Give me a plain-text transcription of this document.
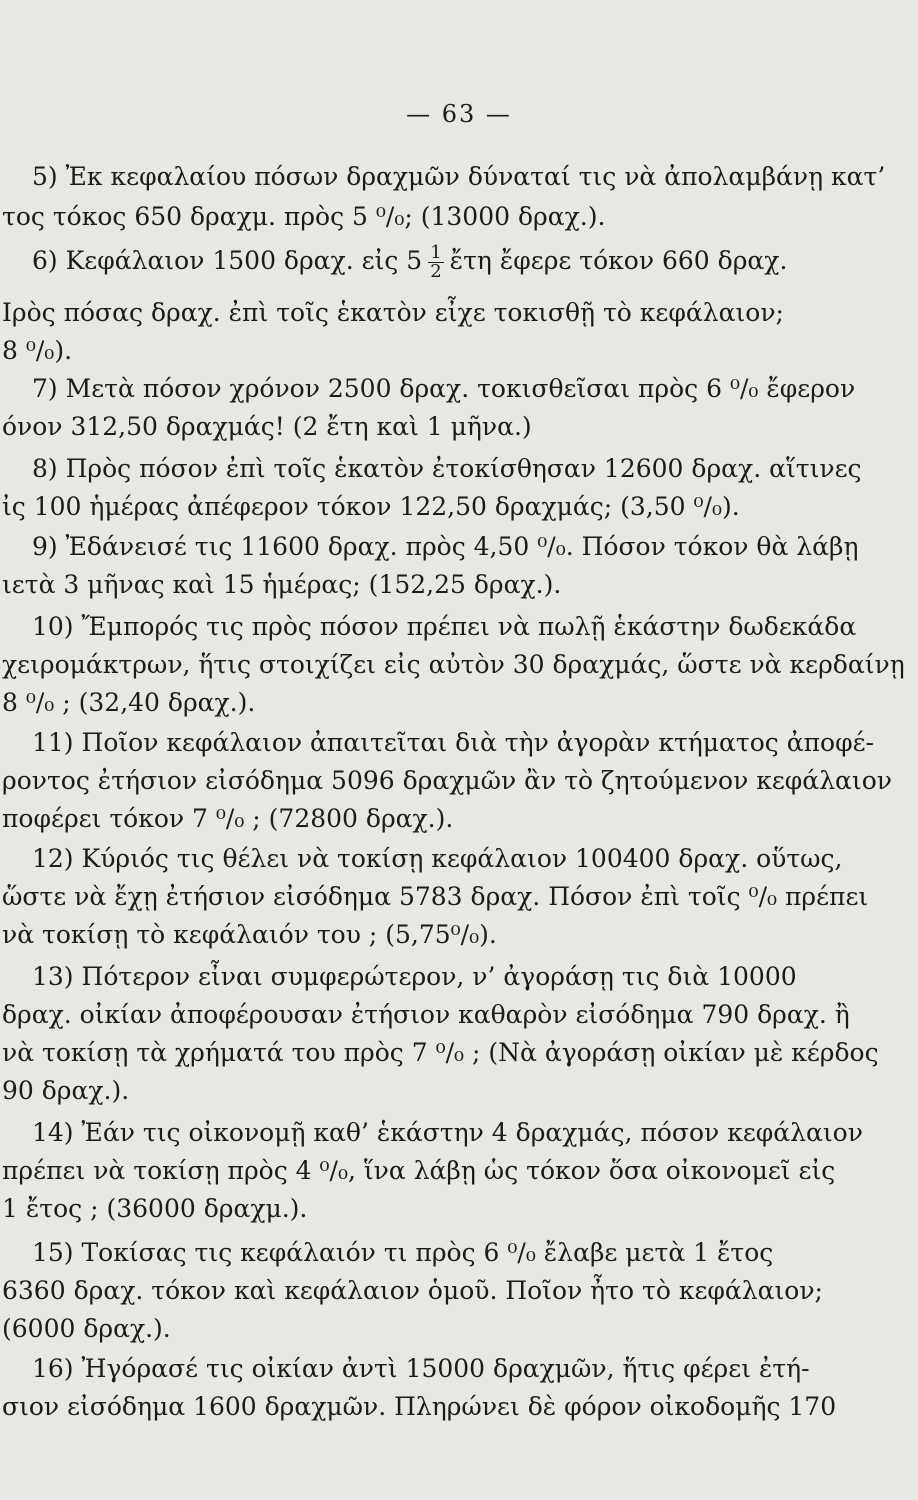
— 63 —
5) Ἐκ κεφαλαίου πόσων δραχμῶν δύναταί τις νὰ ἀπολαμβάνῃ κατ’
τος τόκος 650 δραχμ. πρὸς 5 ⁰/₀; (13000 δραχ.).
6) Κεφάλαιον 1500 δραχ. εἰς $5 \frac{1}{2}$ ἔτη ἔφερε τόκον 660 δραχ.
Ιρὸς πόσας δραχ. ἐπὶ τοῖς ἑκατὸν εἶχε τοκισθῇ τὸ κεφάλαιον;
8 ⁰/₀).
7) Μετὰ πόσον χρόνον 2500 δραχ. τοκισθεῖσαι πρὸς 6 ⁰/₀ ἔφερον
όνον 312,50 δραχμάς! (2 ἔτη καὶ 1 μῆνα.)
8) Πρὸς πόσον ἐπὶ τοῖς ἑκατὸν ἐτοκίσθησαν 12600 δραχ. αἵτινες
ἰς 100 ἡμέρας ἀπέφερον τόκον 122,50 δραχμάς; (3,50 ⁰/₀).
9) Ἐδάνεισέ τις 11600 δραχ. πρὸς 4,50 ⁰/₀. Πόσον τόκον θὰ λάβῃ
ιετὰ 3 μῆνας καὶ 15 ἡμέρας; (152,25 δραχ.).
10) Ἔμπορός τις πρὸς πόσον πρέπει νὰ πωλῇ ἑκάστην δωδεκάδα
χειρομάκτρων, ἥτις στοιχίζει εἰς αὐτὸν 30 δραχμάς, ὥστε νὰ κερδαίνῃ
8 ⁰/₀ ; (32,40 δραχ.).
11) Ποῖον κεφάλαιον ἀπαιτεῖται διὰ τὴν ἀγορὰν κτήματος ἀποφέ-
ροντος ἐτήσιον εἰσόδημα 5096 δραχμῶν ἂν τὸ ζητούμενον κεφάλαιον
ποφέρει τόκον 7 ⁰/₀ ; (72800 δραχ.).
12) Κύριός τις θέλει νὰ τοκίσῃ κεφάλαιον 100400 δραχ. οὕτως,
ὥστε νὰ ἔχῃ ἐτήσιον εἰσόδημα 5783 δραχ. Πόσον ἐπὶ τοῖς ⁰/₀ πρέπει
νὰ τοκίσῃ τὸ κεφάλαιόν του ; (5,75⁰/₀).
13) Πότερον εἶναι συμφερώτερον, ν’ ἀγοράσῃ τις διὰ 10000
δραχ. οἰκίαν ἀποφέρουσαν ἐτήσιον καθαρὸν εἰσόδημα 790 δραχ. ἢ
νὰ τοκίσῃ τὰ χρήματά του πρὸς 7 ⁰/₀ ; (Νὰ ἀγοράσῃ οἰκίαν μὲ κέρδος
90 δραχ.).
14) Ἐάν τις οἰκονομῇ καθ’ ἑκάστην 4 δραχμάς, πόσον κεφάλαιον
πρέπει νὰ τοκίσῃ πρὸς 4 ⁰/₀, ἵνα λάβῃ ὡς τόκον ὅσα οἰκονομεῖ εἰς
1 ἔτος ; (36000 δραχμ.).
15) Τοκίσας τις κεφάλαιόν τι πρὸς 6 ⁰/₀ ἔλαβε μετὰ 1 ἔτος
6360 δραχ. τόκον καὶ κεφάλαιον ὁμοῦ. Ποῖον ἦτο τὸ κεφάλαιον;
(6000 δραχ.).
16) Ἠγόρασέ τις οἰκίαν ἀντὶ 15000 δραχμῶν, ἥτις φέρει ἐτή-
σιον εἰσόδημα 1600 δραχμῶν. Πληρώνει δὲ φόρον οἰκοδομῆς 170
